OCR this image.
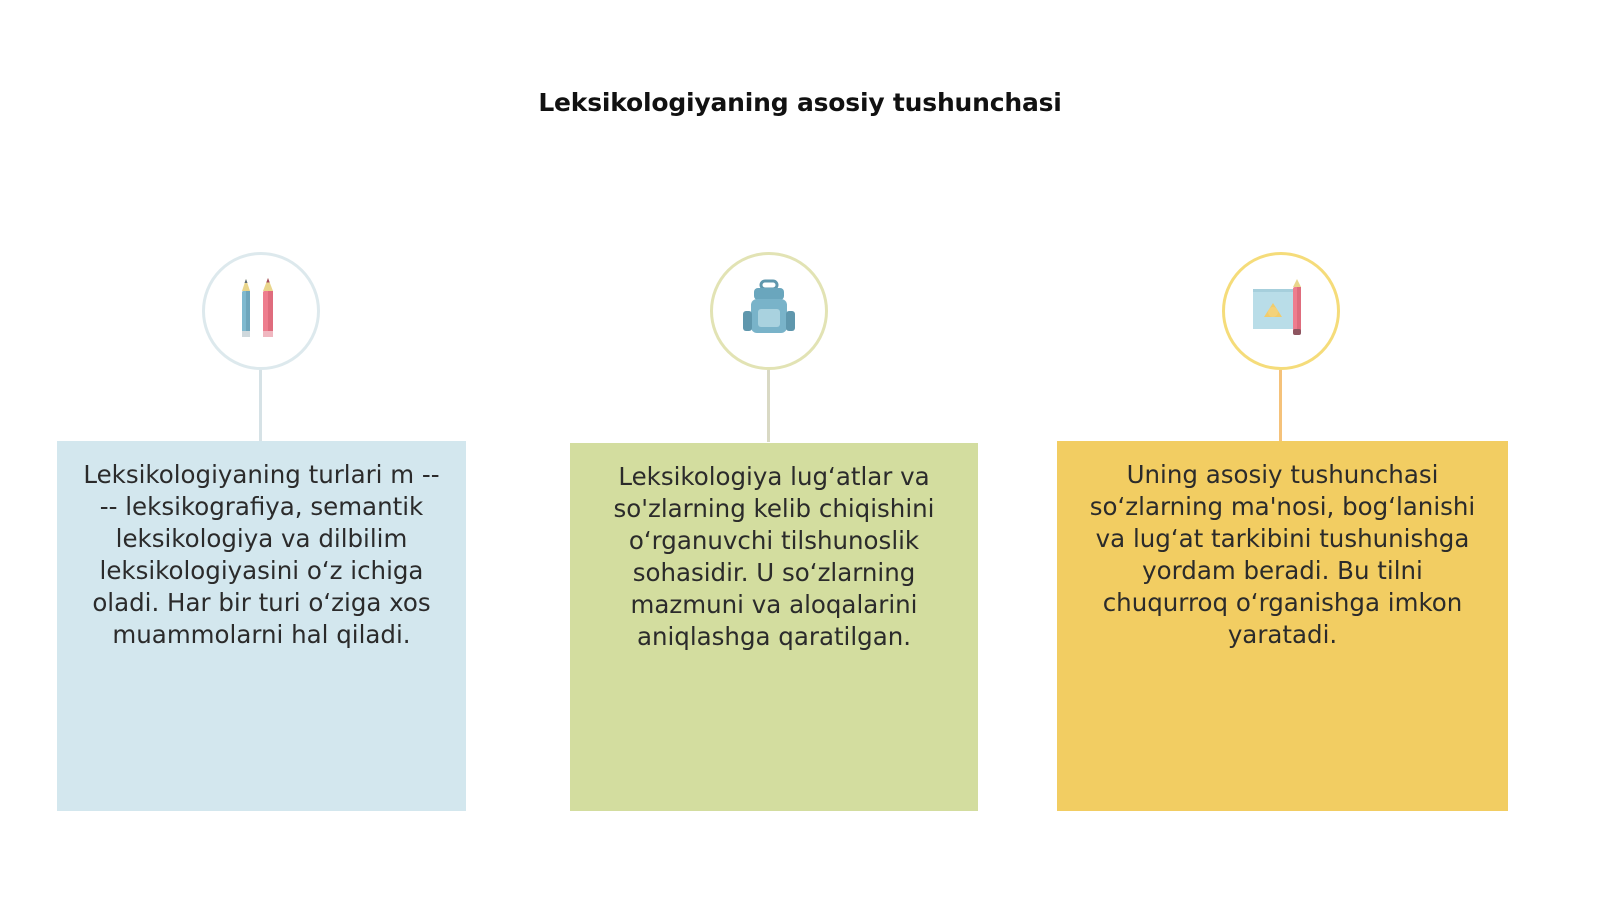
Leksikologiyaning asosiy tushunchasi
Leksikologiyaning turlari m ---- leksikografiya, semantik leksikologiya va dilbilim leksikologiyasini o‘z ichiga oladi. Har bir turi o‘ziga xos muammolarni hal qiladi.
Leksikologiya lug‘atlar va so'zlarning kelib chiqishini o‘rganuvchi tilshunoslik sohasidir. U so‘zlarning mazmuni va aloqalarini aniqlashga qaratilgan.
Uning asosiy tushunchasi so‘zlarning ma'nosi, bog‘lanishi va lug‘at tarkibini tushunishga yordam beradi. Bu tilni chuqurroq o‘rganishga imkon yaratadi.
